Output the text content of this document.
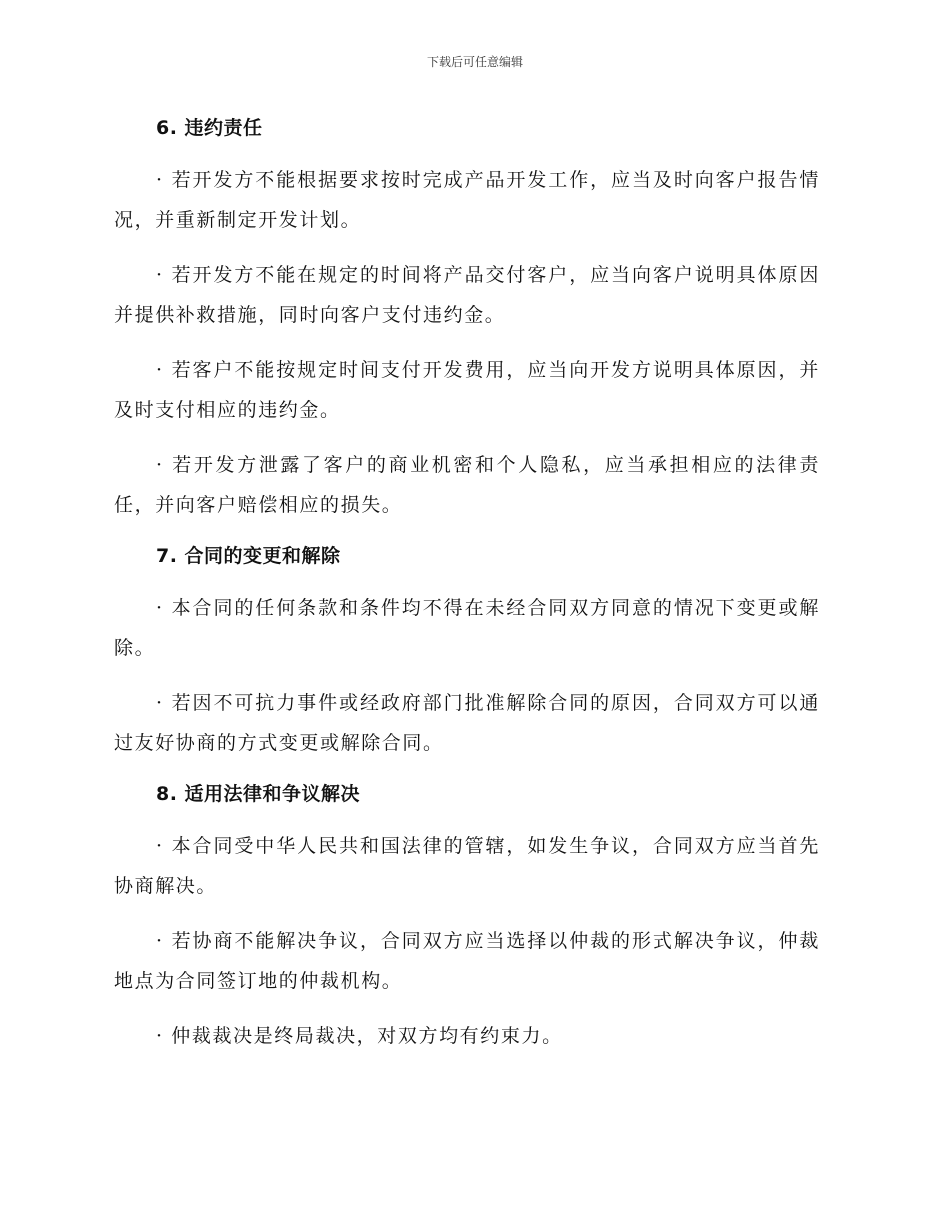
下载后可任意编辑
6. 违约责任

· 若开发方不能根据要求按时完成产品开发工作，应当及时向客户报告情况，并重新制定开发计划。

· 若开发方不能在规定的时间将产品交付客户，应当向客户说明具体原因并提供补救措施，同时向客户支付违约金。

· 若客户不能按规定时间支付开发费用，应当向开发方说明具体原因，并及时支付相应的违约金。

· 若开发方泄露了客户的商业机密和个人隐私，应当承担相应的法律责任，并向客户赔偿相应的损失。

7. 合同的变更和解除

· 本合同的任何条款和条件均不得在未经合同双方同意的情况下变更或解除。

· 若因不可抗力事件或经政府部门批准解除合同的原因，合同双方可以通过友好协商的方式变更或解除合同。

8. 适用法律和争议解决

· 本合同受中华人民共和国法律的管辖，如发生争议，合同双方应当首先协商解决。

· 若协商不能解决争议，合同双方应当选择以仲裁的形式解决争议，仲裁地点为合同签订地的仲裁机构。

· 仲裁裁决是终局裁决，对双方均有约束力。
